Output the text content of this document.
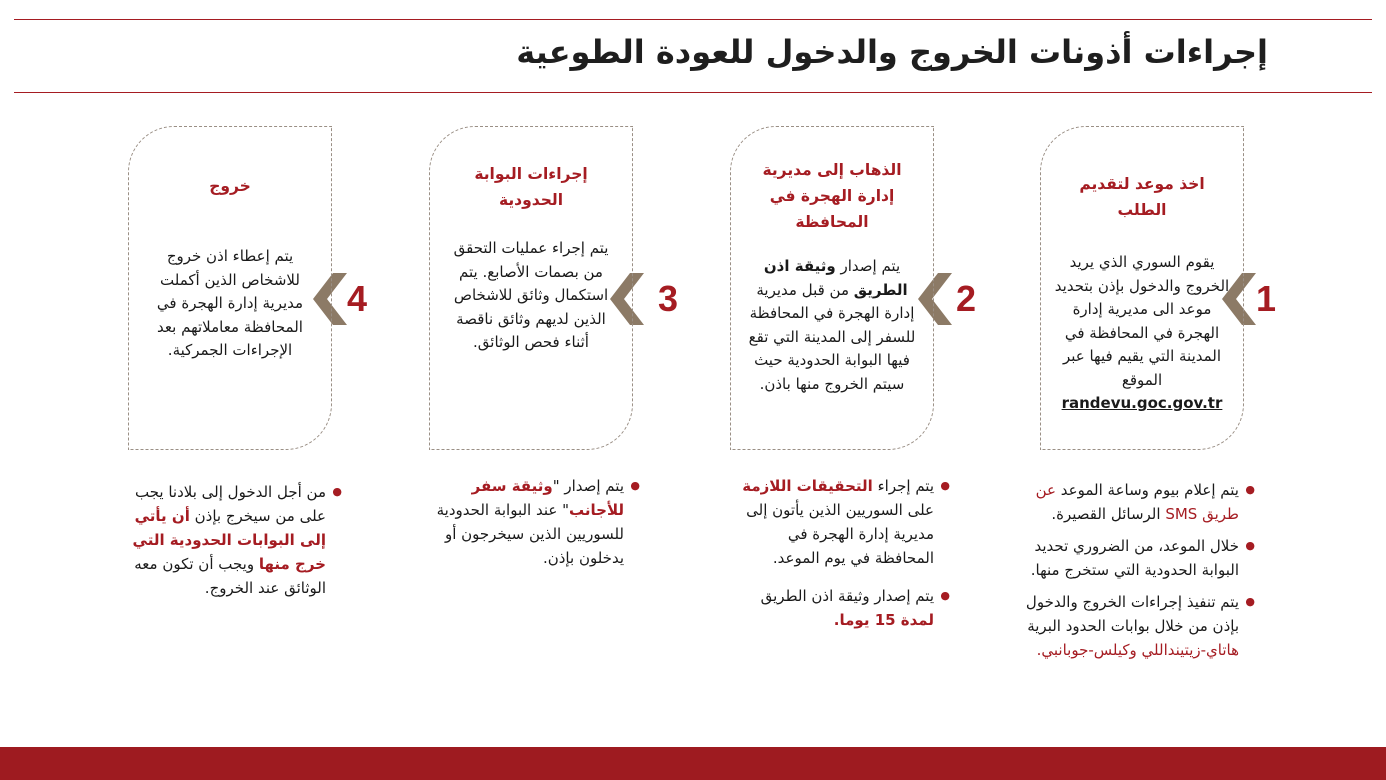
إجراءات أذونات الخروج والدخول للعودة الطوعية
1
اخذ موعد لتقديم الطلب
يقوم السوري الذي يريد الخروج والدخول بإذن بتحديد موعد الى مديرية إدارة الهجرة في المحافظة في المدينة التي يقيم فيها عبر الموقع
randevu.goc.gov.tr
2
الذهاب إلى مديرية إدارة الهجرة في المحافظة
يتم إصدار وثيقة اذن الطريق من قبل مديرية إدارة الهجرة في المحافظة للسفر إلى المدينة التي تقع فيها البوابة الحدودية حيث سيتم الخروج منها باذن.
3
إجراءات البوابة الحدودية
يتم إجراء عمليات التحقق من بصمات الأصابع. يتم استكمال وثائق للاشخاص الذين لديهم وثائق ناقصة أثناء فحص الوثائق.
4
خروج
يتم إعطاء اذن خروج للاشخاص الذين أكملت مديرية إدارة الهجرة في المحافظة معاملاتهم بعد الإجراءات الجمركية.
● يتم إعلام بيوم وساعة الموعد عن طريق SMS الرسائل القصيرة.
● خلال الموعد، من الضروري تحديد البوابة الحدودية التي ستخرج منها.
● يتم تنفيذ إجراءات الخروج والدخول بإذن من خلال بوابات الحدود البرية هاتاي-زيتينداللي وكيلس-جوبانبي.
● يتم إجراء التحقيقات اللازمة على السوريين الذين يأتون إلى مديرية إدارة الهجرة في المحافظة في يوم الموعد.
● يتم إصدار وثيقة اذن الطريق لمدة 15 يوما.
● يتم إصدار "وثيقة سفر للأجانب" عند البوابة الحدودية للسوريين الذين سيخرجون أو يدخلون بإذن.
● من أجل الدخول إلى بلادنا يجب على من سيخرج بإذن أن يأتي إلى البوابات الحدودية التي خرج منها ويجب أن تكون معه الوثائق عند الخروج.
